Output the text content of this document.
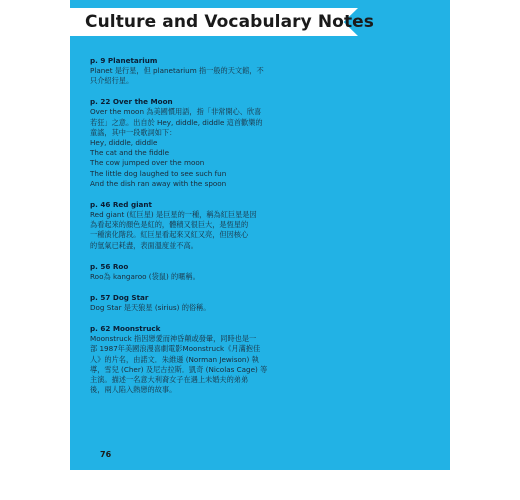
Culture and Vocabulary Notes
p. 9 Planetarium
Planet 是行星，但 planetarium 指一般的天文館，不
只介紹行星。
p. 22 Over the Moon
Over the moon 為美國慣用語，指「非常開心、欣喜
若狂」之意。出自於 Hey, diddle, diddle 這首歡樂的
童謠，其中一段歌詞如下：
Hey, diddle, diddle
The cat and the fiddle
The cow jumped over the moon
The little dog laughed to see such fun
And the dish ran away with the spoon
p. 46 Red giant
Red giant (紅巨星) 是巨星的一種，稱為紅巨星是因
為看起來的顏色是紅的，體積又很巨大，是恆星的
一種演化階段。紅巨星看起來又紅又亮，但因核心
的氫氣已耗盡，表面溫度並不高。
p. 56 Roo
Roo為 kangaroo (袋鼠) 的暱稱。
p. 57 Dog Star
Dog Star 是天狼星 (sirius) 的俗稱。
p. 62 Moonstruck
Moonstruck 指因戀愛而神昏顛或發暈，同時也是一
部 1987年美國浪漫喜劇電影Moonstruck《月滿抱佳
人》的片名，由諾文．朱維遜 (Norman Jewison) 執
導，雪兒 (Cher) 及尼古拉斯．凱奇 (Nicolas Cage) 等
主演。描述一名意大利裔女子在遇上未婚夫的弟弟
後，兩人陷入熱戀的故事。
76
